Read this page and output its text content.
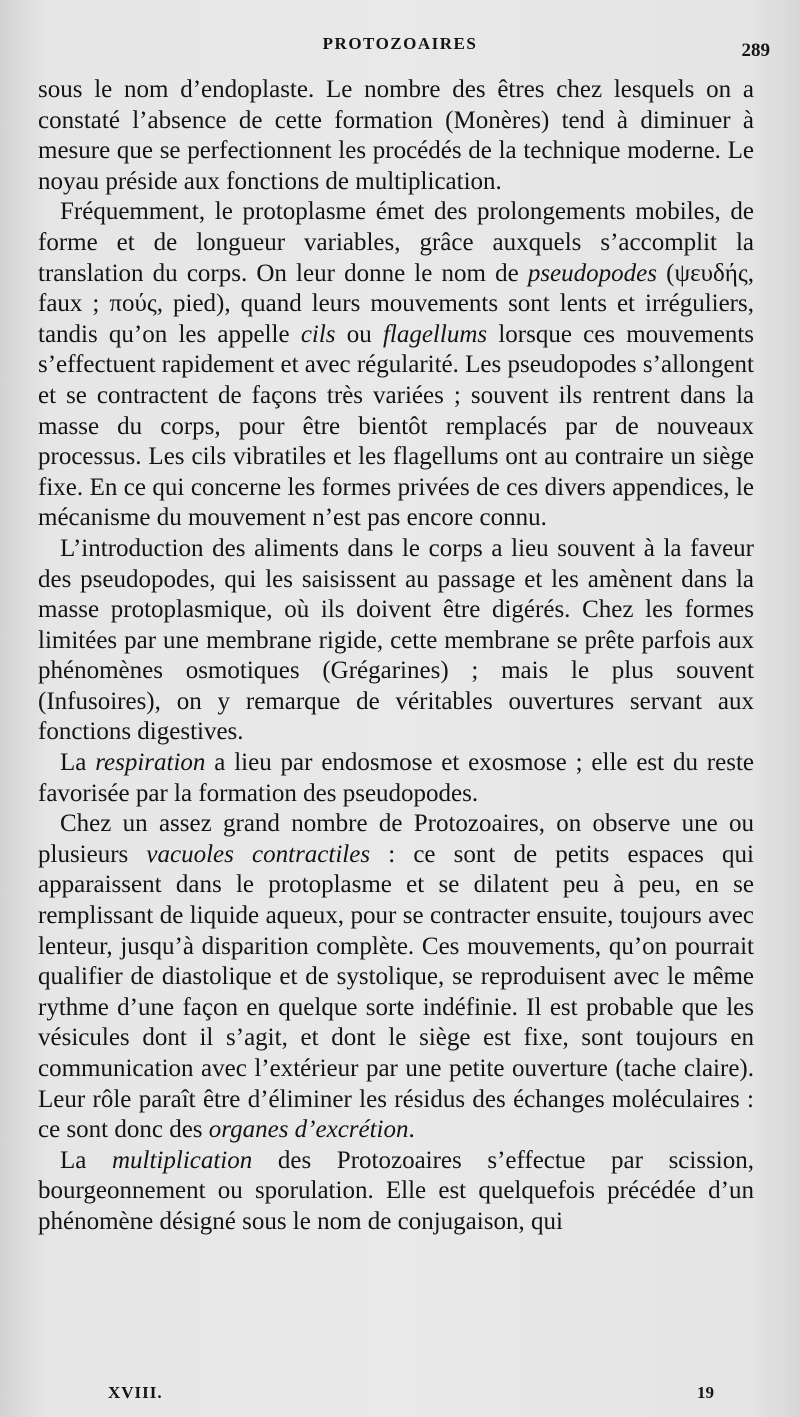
PROTOZOAIRES	289

sous le nom d’endoplaste. Le nombre des êtres chez lesquels on a constaté l’absence de cette formation (Monères) tend à diminuer à mesure que se perfectionnent les procédés de la technique moderne. Le noyau préside aux fonctions de multiplication.

Fréquemment, le protoplasme émet des prolongements mobiles, de forme et de longueur variables, grâce auxquels s’accomplit la translation du corps. On leur donne le nom de pseudopodes (ψευδής, faux ; πούς, pied), quand leurs mouvements sont lents et irréguliers, tandis qu’on les appelle cils ou flagellums lorsque ces mouvements s’effectuent rapidement et avec régularité. Les pseudopodes s’allongent et se contractent de façons très variées ; souvent ils rentrent dans la masse du corps, pour être bientôt remplacés par de nouveaux processus. Les cils vibratiles et les flagellums ont au contraire un siège fixe. En ce qui concerne les formes privées de ces divers appendices, le mécanisme du mouvement n’est pas encore connu.

L’introduction des aliments dans le corps a lieu souvent à la faveur des pseudopodes, qui les saisissent au passage et les amènent dans la masse protoplasmique, où ils doivent être digérés. Chez les formes limitées par une membrane rigide, cette membrane se prête parfois aux phénomènes osmotiques (Grégarines) ; mais le plus souvent (Infusoires), on y remarque de véritables ouvertures servant aux fonctions digestives.

La respiration a lieu par endosmose et exosmose ; elle est du reste favorisée par la formation des pseudopodes.

Chez un assez grand nombre de Protozoaires, on observe une ou plusieurs vacuoles contractiles : ce sont de petits espaces qui apparaissent dans le protoplasme et se dilatent peu à peu, en se remplissant de liquide aqueux, pour se contracter ensuite, toujours avec lenteur, jusqu’à disparition complète. Ces mouvements, qu’on pourrait qualifier de diastolique et de systolique, se reproduisent avec le même rythme d’une façon en quelque sorte indéfinie. Il est probable que les vésicules dont il s’agit, et dont le siège est fixe, sont toujours en communication avec l’extérieur par une petite ouverture (tache claire). Leur rôle paraît être d’éliminer les résidus des échanges moléculaires : ce sont donc des organes d’excrétion.

La multiplication des Protozoaires s’effectue par scission, bourgeonnement ou sporulation. Elle est quelquefois précédée d’un phénomène désigné sous le nom de conjugaison, qui

XVIII.	19
